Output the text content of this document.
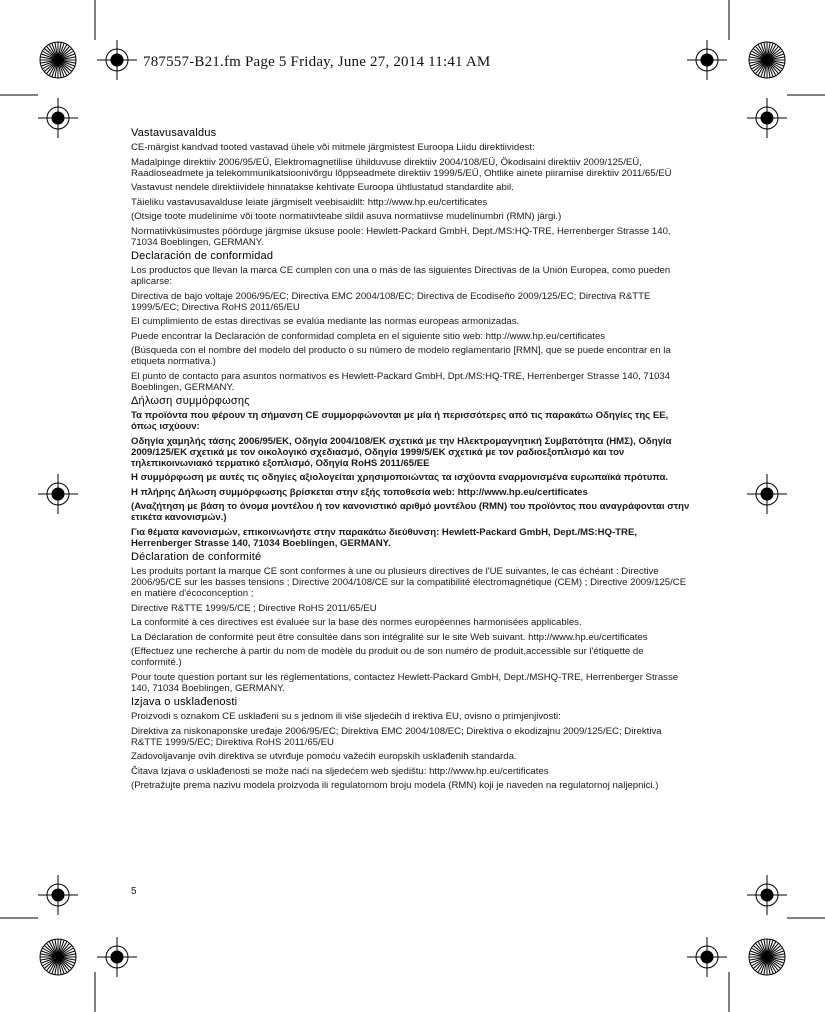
787557-B21.fm Page 5 Friday, June 27, 2014 11:41 AM
Vastavusavaldus

CE-märgist kandvad tooted vastavad ühele või mitmele järgmistest Euroopa Liidu direktiividest:

Madalpinge direktiiv 2006/95/EÜ, Elektromagnetilise ühilduvuse direktiiv 2004/108/EÜ, Ökodisaini direktiiv 2009/125/EÜ, Raadioseadmete ja telekommunikatsioonivõrgu lõppseadmete direktiiv 1999/5/EÜ, Ohtlike ainete piiramise direktiiv 2011/65/EÜ

Vastavust nendele direktiividele hinnatakse kehtivate Euroopa ühtlustatud standardite abil.

Täieliku vastavusavalduse leiate järgmiselt veebisaidilt: http://www.hp.eu/certificates

(Otsige toote mudelinime või toote normatiivteabe sildil asuva normatiivse mudelinumbri (RMN) järgi.)

Normatiivküsimustes pöörduge järgmise üksuse poole: Hewlett-Packard GmbH, Dept./MS:HQ-TRE, Herrenberger Strasse 140, 71034 Boeblingen, GERMANY.

Declaración de conformidad

Los productos que llevan la marca CE cumplen con una o más de las siguientes Directivas de la Unión Europea, como pueden aplicarse:

Directiva de bajo voltaje 2006/95/EC; Directiva EMC 2004/108/EC; Directiva de Ecodiseño 2009/125/EC; Directiva R&TTE 1999/5/EC; Directiva RoHS 2011/65/EU

El cumplimiento de estas directivas se evalúa mediante las normas europeas armonizadas.

Puede encontrar la Declaración de conformidad completa en el siguiente sitio web: http://www.hp.eu/certificates

(Búsqueda con el nombre del modelo del producto o su número de modelo reglamentario [RMN], que se puede encontrar en la etiqueta normativa.)

El punto de contacto para asuntos normativos es Hewlett-Packard GmbH, Dpt./MS:HQ-TRE, Herrenberger Strasse 140, 71034 Boeblingen, GERMANY.

Δήλωση συμμόρφωσης

Τα προϊόντα που φέρουν τη σήμανση CE συμμορφώνονται με μία ή περισσότερες από τις παρακάτω Οδηγίες της ΕΕ, όπως ισχύουν:

Οδηγία χαμηλής τάσης 2006/95/ΕΚ, Οδηγία 2004/108/ΕΚ σχετικά με την Ηλεκτρομαγνητική Συμβατότητα (ΗΜΣ), Οδηγία 2009/125/ΕΚ σχετικά με τον οικολογικό σχεδιασμό, Οδηγία 1999/5/ΕΚ σχετικά με τον ραδιοεξοπλισμό και τον τηλεπικοινωνιακό τερματικό εξοπλισμό, Οδηγία RoHS 2011/65/ΕΕ

Η συμμόρφωση με αυτές τις οδηγίες αξιολογείται χρησιμοποιώντας τα ισχύοντα εναρμονισμένα ευρωπαϊκά πρότυπα.

Η πλήρης Δήλωση συμμόρφωσης βρίσκεται στην εξής τοποθεσία web: http://www.hp.eu/certificates

(Αναζήτηση με βάση το όνομα μοντέλου ή τον κανονιστικό αριθμό μοντέλου (RMN) του προϊόντος που αναγράφονται στην ετικέτα κανονισμών.)

Για θέματα κανονισμών, επικοινωνήστε στην παρακάτω διεύθυνση: Hewlett-Packard GmbH, Dept./MS:HQ-TRE, Herrenberger Strasse 140, 71034 Boeblingen, GERMANY.

Déclaration de conformité

Les produits portant la marque CE sont conformes à une ou plusieurs directives de l'UE suivantes, le cas échéant : Directive 2006/95/CE sur les basses tensions ; Directive 2004/108/CE sur la compatibilité électromagnétique (CEM) ; Directive 2009/125/CE en matière d'écoconception ;

Directive R&TTE 1999/5/CE ; Directive RoHS 2011/65/EU

La conformité à ces directives est évaluée sur la base des normes européennes harmonisées applicables.

La Déclaration de conformité peut être consultée dans son intégralité sur le site Web suivant. http://www.hp.eu/certificates

(Effectuez une recherche à partir du nom de modèle du produit ou de son numéro de produit,accessible sur l'étiquette de conformité.)

Pour toute question portant sur les réglementations, contactez Hewlett-Packard GmbH, Dept./MSHQ-TRE, Herrenberger Strasse 140, 71034 Boeblingen, GERMANY.

Izjava o usklađenosti

Proizvodi s oznakom CE usklađeni su s jednom ili više sljedećih d irektiva EU, ovisno o primjenjivosti:

Direktiva za niskonaponske uređaje 2006/95/EC; Direktiva EMC 2004/108/EC; Direktiva o ekodizajnu 2009/125/EC; Direktiva R&TTE 1999/5/EC; Direktiva RoHS 2011/65/EU

Zadovoljavanje ovih direktiva se utvrđuje pomoću važećih europskih usklađenih standarda.

Čitava Izjava o usklađenosti se može naći na sljedećem web sjedištu: http://www.hp.eu/certificates

(Pretražujte prema nazivu modela proizvoda ili regulatornom broju modela (RMN) koji je naveden na regulatornoj naljepnici.)

5
